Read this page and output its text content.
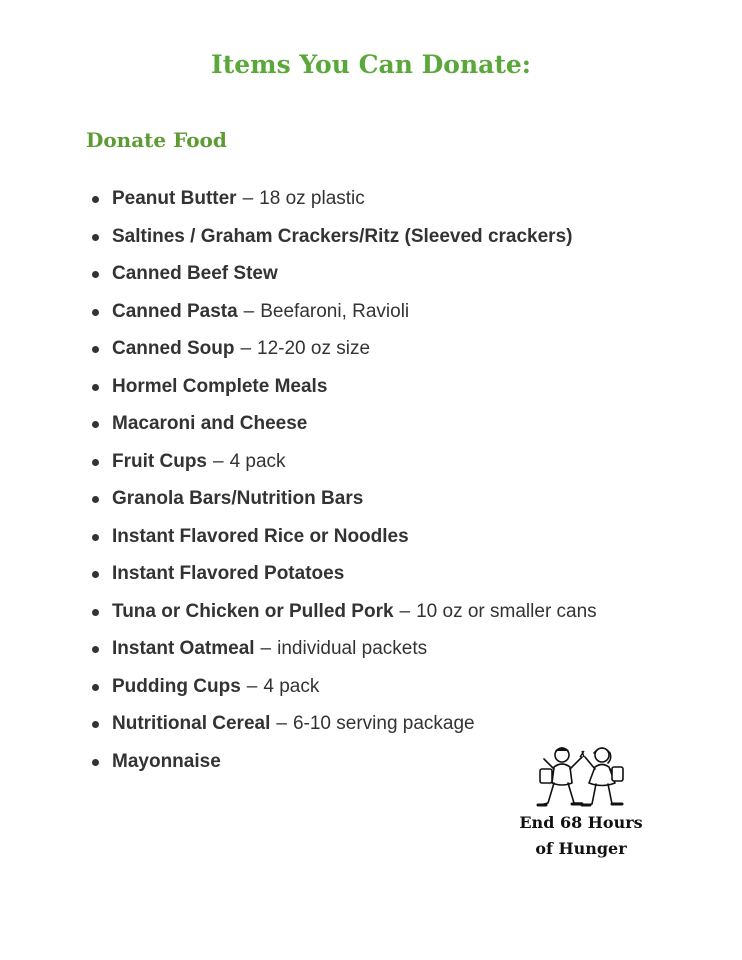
Items You Can Donate:
Donate Food
Peanut Butter – 18 oz plastic
Saltines / Graham Crackers/Ritz (Sleeved crackers)
Canned Beef Stew
Canned Pasta – Beefaroni, Ravioli
Canned Soup – 12-20 oz size
Hormel Complete Meals
Macaroni and Cheese
Fruit Cups – 4 pack
Granola Bars/Nutrition Bars
Instant Flavored Rice or Noodles
Instant Flavored Potatoes
Tuna or Chicken or Pulled Pork – 10 oz or smaller cans
Instant Oatmeal – individual packets
Pudding Cups – 4 pack
Nutritional Cereal – 6-10 serving package
Mayonnaise
End 68 Hours
of Hunger
